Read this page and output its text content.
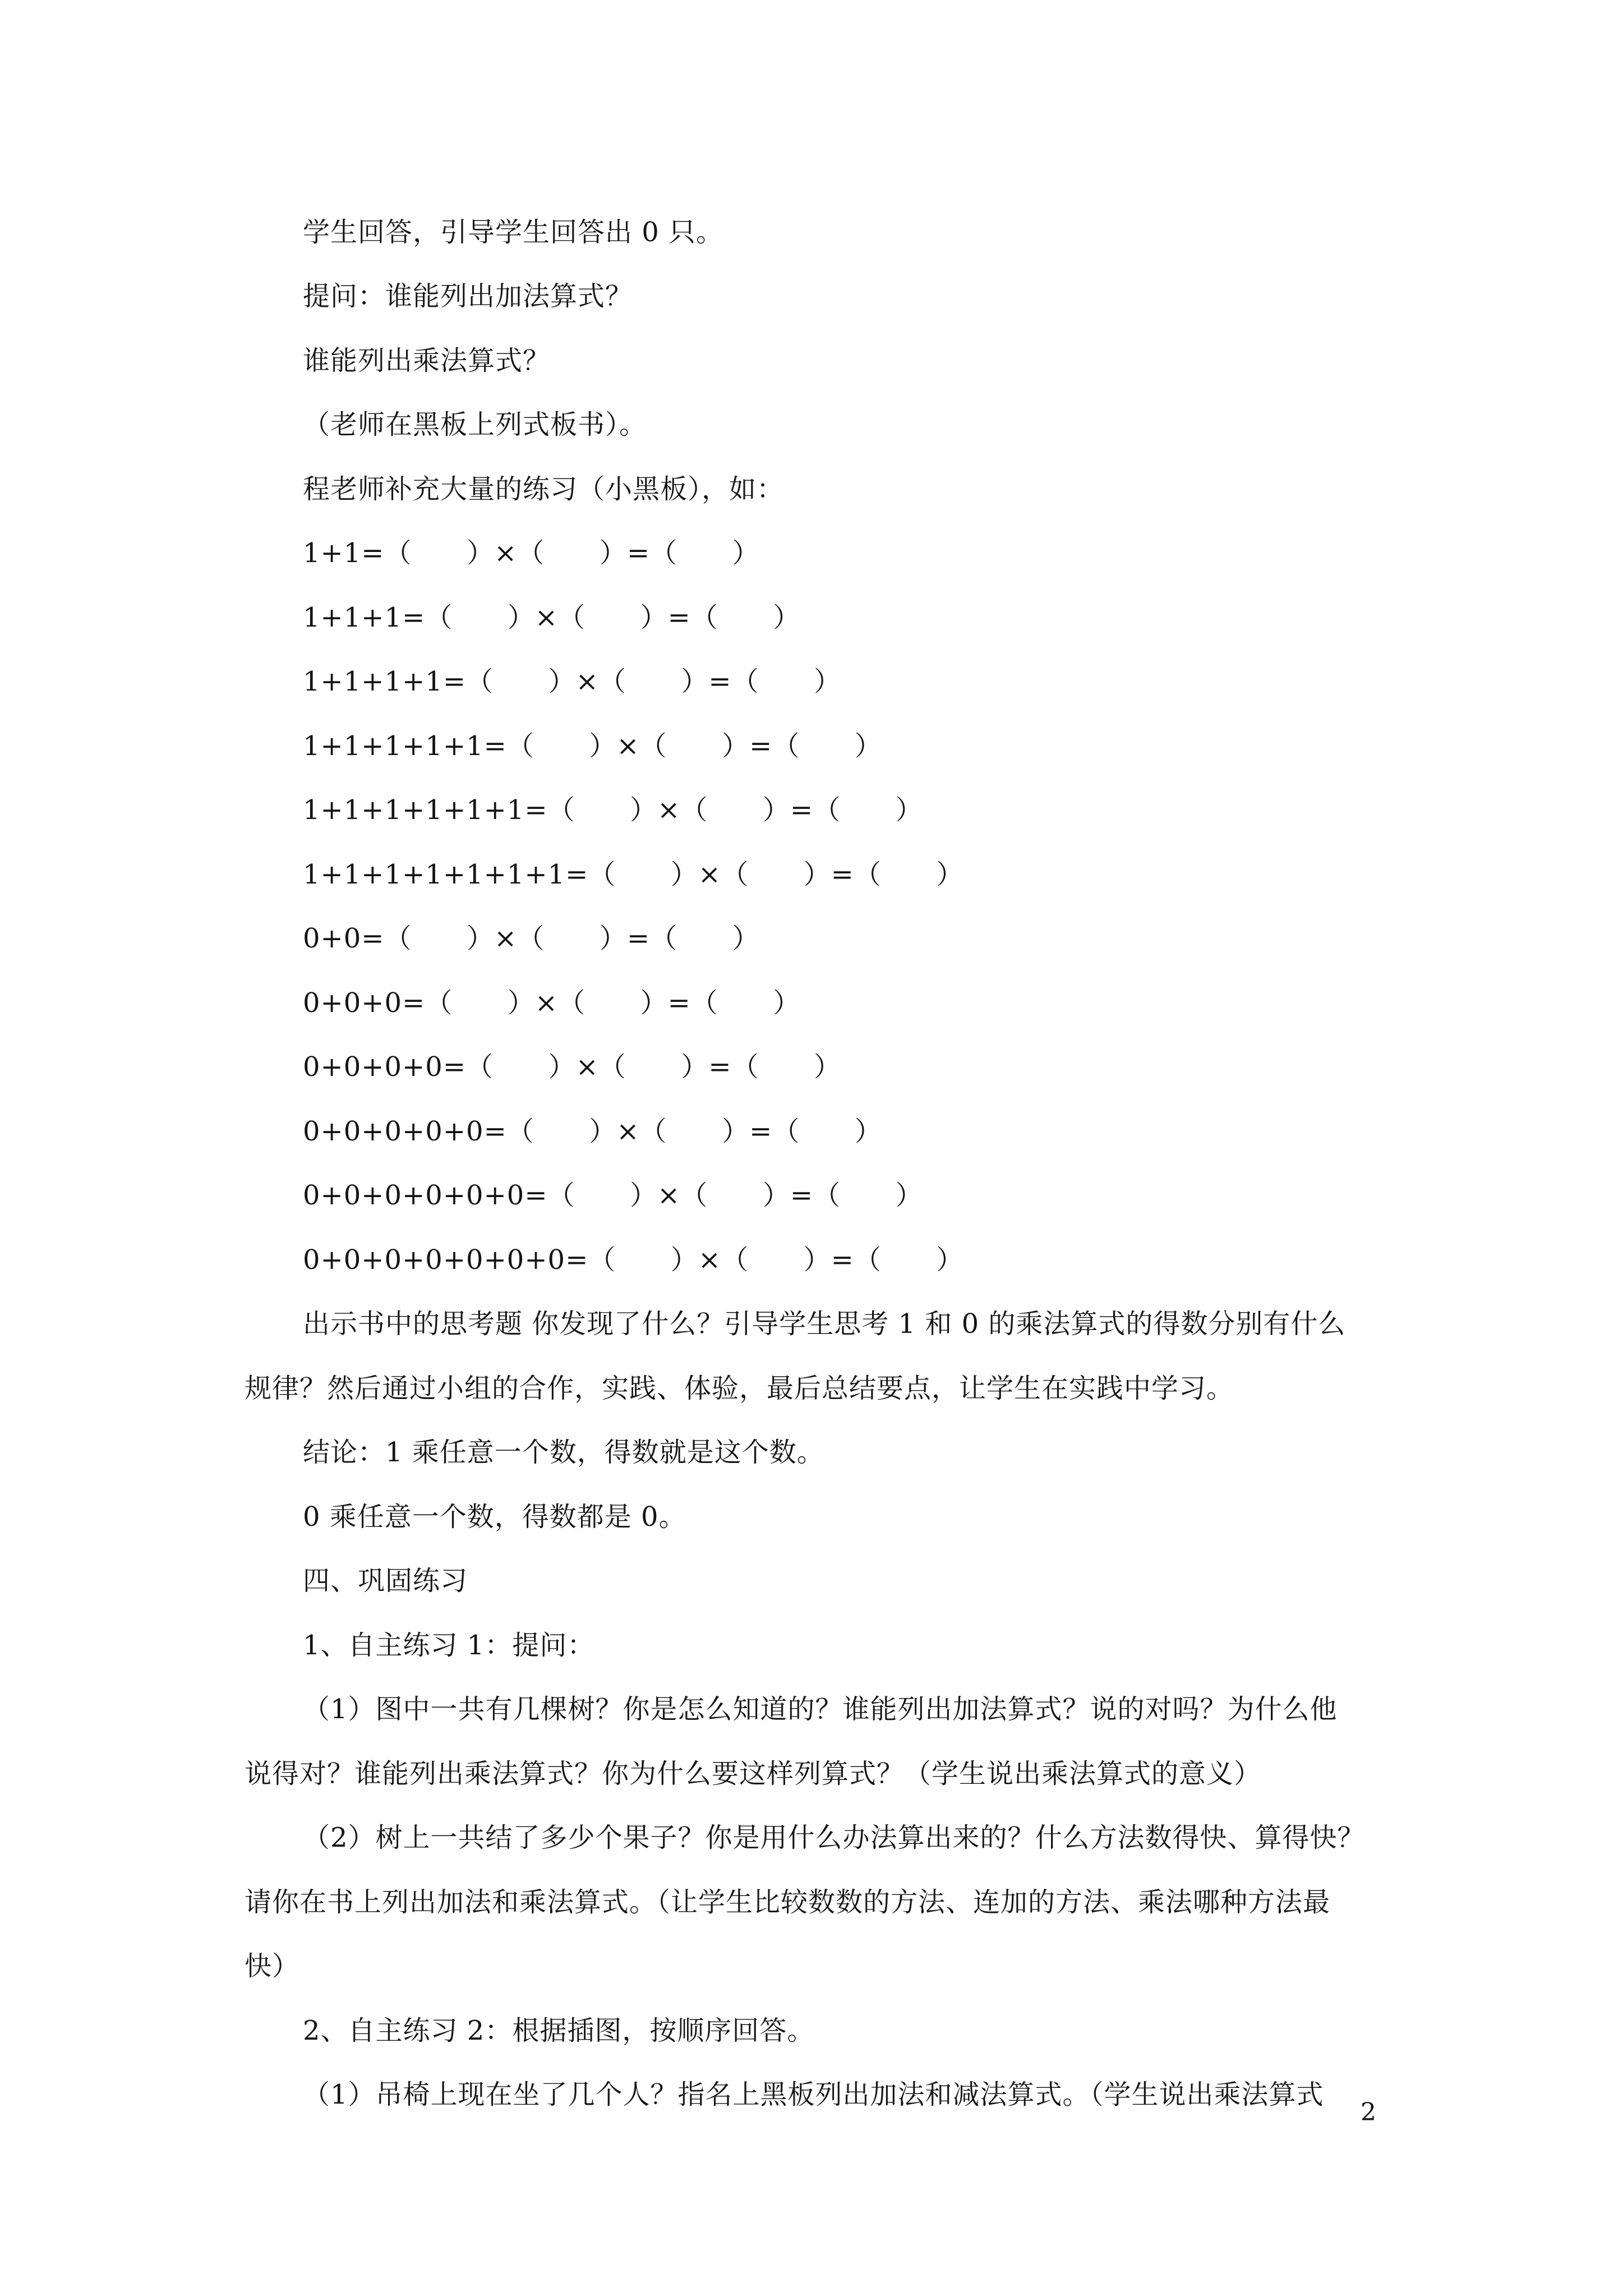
学生回答，引导学生回答出 0 只。
提问：谁能列出加法算式？
谁能列出乘法算式？
（老师在黑板上列式板书）。
程老师补充大量的练习（小黑板），如：
1+1=（      ）×（      ）=（      ）
1+1+1=（      ）×（      ）=（      ）
1+1+1+1=（      ）×（      ）=（      ）
1+1+1+1+1=（      ）×（      ）=（      ）
1+1+1+1+1+1=（      ）×（      ）=（      ）
1+1+1+1+1+1+1=（      ）×（      ）=（      ）
0+0=（      ）×（      ）=（      ）
0+0+0=（      ）×（      ）=（      ）
0+0+0+0=（      ）×（      ）=（      ）
0+0+0+0+0=（      ）×（      ）=（      ）
0+0+0+0+0+0=（      ）×（      ）=（      ）
0+0+0+0+0+0+0=（      ）×（      ）=（      ）
出示书中的思考题 你发现了什么？引导学生思考 1 和 0 的乘法算式的得数分别有什么
规律？然后通过小组的合作，实践、体验，最后总结要点，让学生在实践中学习。
结论：1 乘任意一个数，得数就是这个数。
0 乘任意一个数，得数都是 0。
四、巩固练习
1、自主练习 1：提问：
（1）图中一共有几棵树？你是怎么知道的？谁能列出加法算式？说的对吗？为什么他
说得对？谁能列出乘法算式？你为什么要这样列算式？（学生说出乘法算式的意义）
（2）树上一共结了多少个果子？你是用什么办法算出来的？什么方法数得快、算得快？
请你在书上列出加法和乘法算式。（让学生比较数数的方法、连加的方法、乘法哪种方法最
快）
2、自主练习 2：根据插图，按顺序回答。
（1）吊椅上现在坐了几个人？指名上黑板列出加法和减法算式。（学生说出乘法算式
2
